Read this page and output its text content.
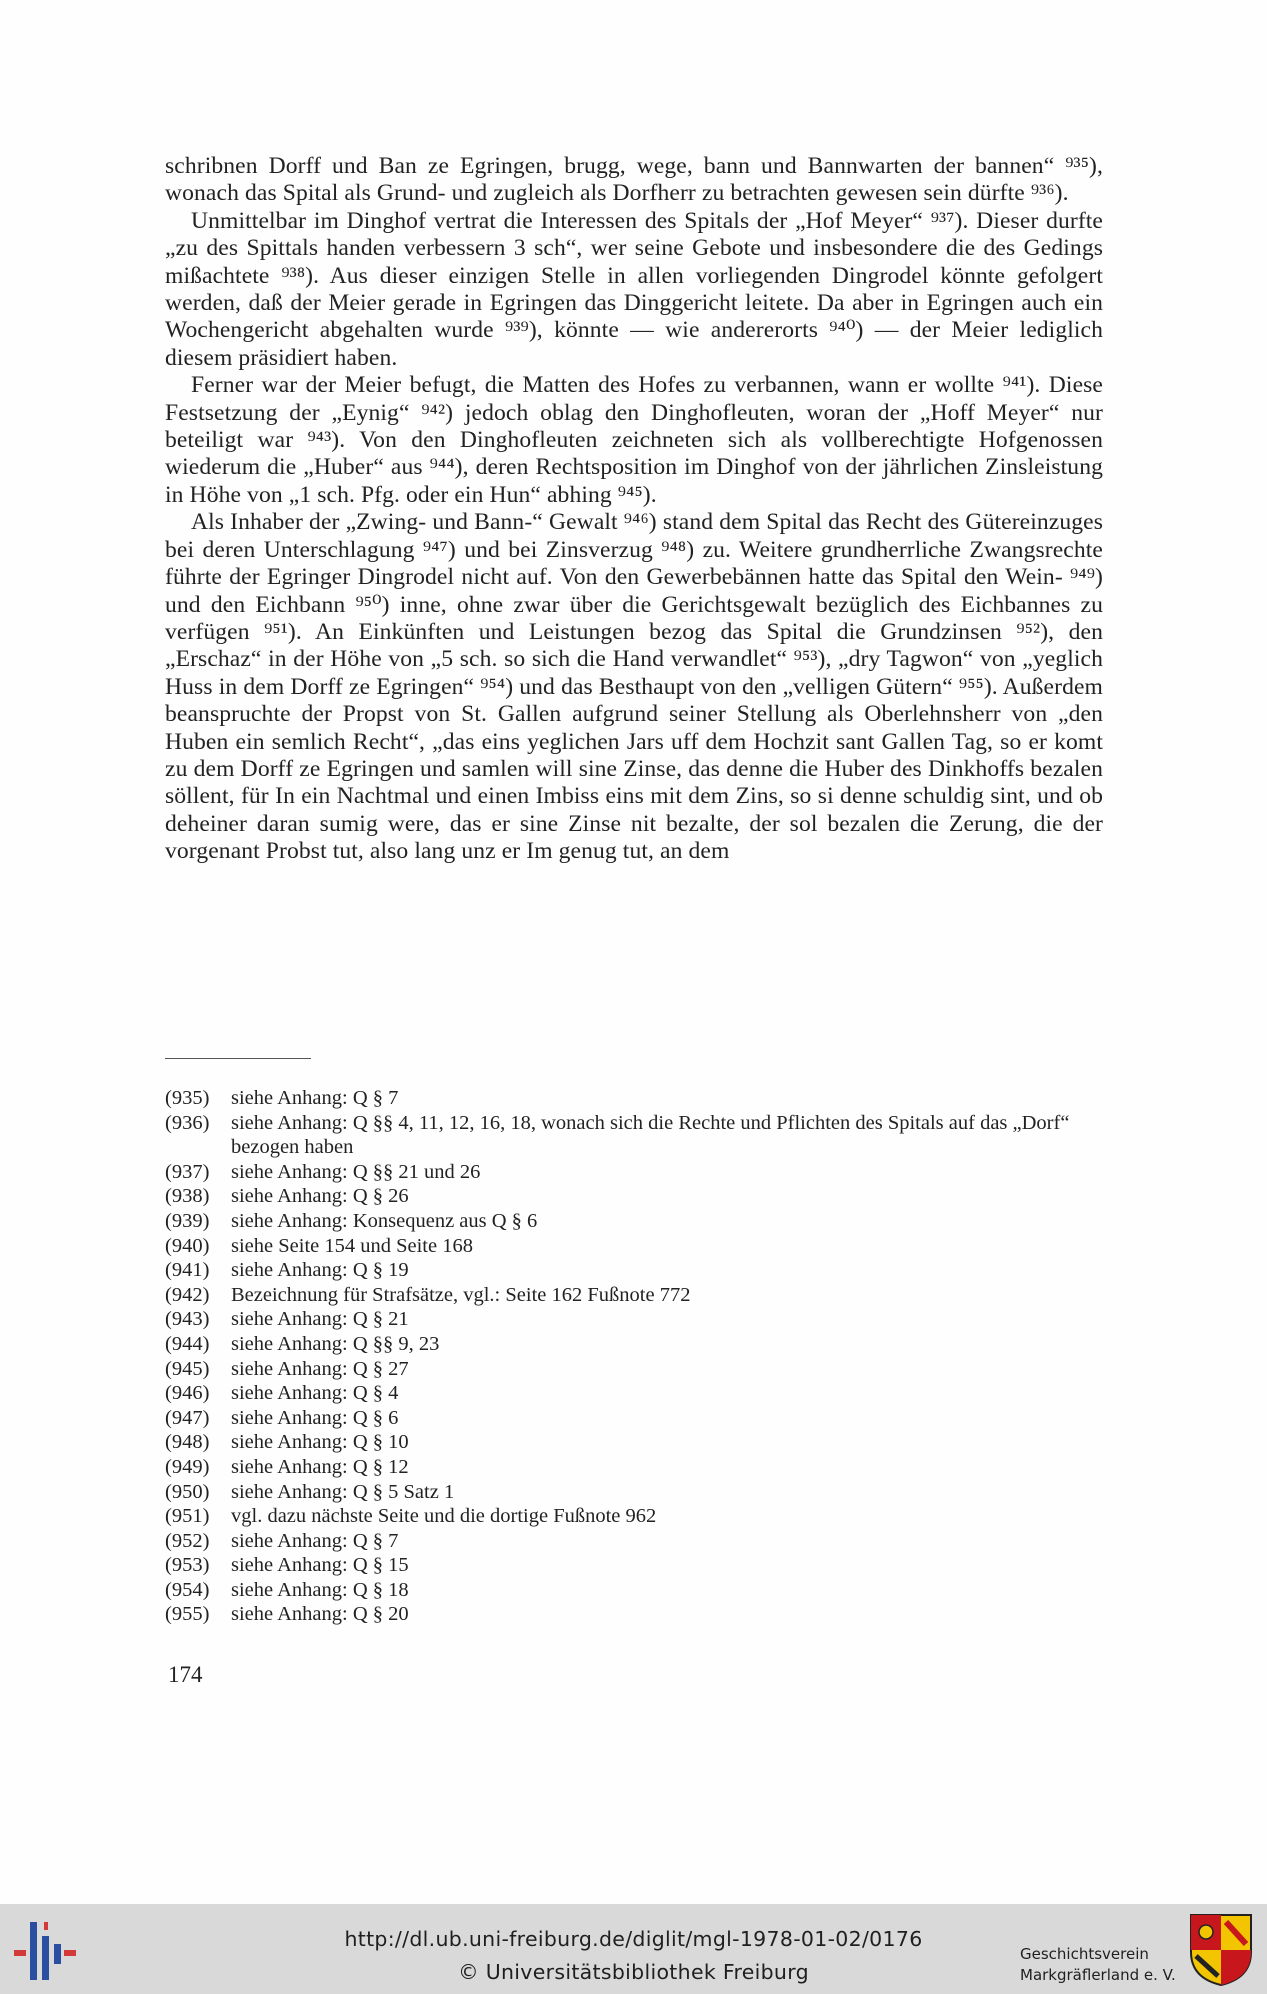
schribnen Dorff und Ban ze Egringen, brugg, wege, bann und Bannwarten der bannen“ ⁹³⁵), wonach das Spital als Grund- und zugleich als Dorfherr zu betrachten gewesen sein dürfte ⁹³⁶).

Unmittelbar im Dinghof vertrat die Interessen des Spitals der „Hof Meyer“ ⁹³⁷). Dieser durfte „zu des Spittals handen verbessern 3 sch“, wer seine Gebote und insbesondere die des Gedings mißachtete ⁹³⁸). Aus dieser einzigen Stelle in allen vorliegenden Dingrodel könnte gefolgert werden, daß der Meier gerade in Egringen das Dinggericht leitete. Da aber in Egringen auch ein Wochengericht abgehalten wurde ⁹³⁹), könnte — wie andererorts ⁹⁴⁰) — der Meier lediglich diesem präsidiert haben.

Ferner war der Meier befugt, die Matten des Hofes zu verbannen, wann er wollte ⁹⁴¹). Diese Festsetzung der „Eynig“ ⁹⁴²) jedoch oblag den Dinghofleuten, woran der „Hoff Meyer“ nur beteiligt war ⁹⁴³). Von den Dinghofleuten zeichneten sich als vollberechtigte Hofgenossen wiederum die „Huber“ aus ⁹⁴⁴), deren Rechtsposition im Dinghof von der jährlichen Zinsleistung in Höhe von „1 sch. Pfg. oder ein Hun“ abhing ⁹⁴⁵).

Als Inhaber der „Zwing- und Bann-“ Gewalt ⁹⁴⁶) stand dem Spital das Recht des Gütereinzuges bei deren Unterschlagung ⁹⁴⁷) und bei Zinsverzug ⁹⁴⁸) zu. Weitere grundherrliche Zwangsrechte führte der Egringer Dingrodel nicht auf. Von den Gewerbebännen hatte das Spital den Wein- ⁹⁴⁹) und den Eichbann ⁹⁵⁰) inne, ohne zwar über die Gerichtsgewalt bezüglich des Eichbannes zu verfügen ⁹⁵¹). An Einkünften und Leistungen bezog das Spital die Grundzinsen ⁹⁵²), den „Erschaz“ in der Höhe von „5 sch. so sich die Hand verwandlet“ ⁹⁵³), „dry Tagwon“ von „yeglich Huss in dem Dorff ze Egringen“ ⁹⁵⁴) und das Besthaupt von den „velligen Gütern“ ⁹⁵⁵). Außerdem beanspruchte der Propst von St. Gallen aufgrund seiner Stellung als Oberlehnsherr von „den Huben ein semlich Recht“, „das eins yeglichen Jars uff dem Hochzit sant Gallen Tag, so er komt zu dem Dorff ze Egringen und samlen will sine Zinse, das denne die Huber des Dinkhoffs bezalen söllent, für In ein Nachtmal und einen Imbiss eins mit dem Zins, so si denne schuldig sint, und ob deheiner daran sumig were, das er sine Zinse nit bezalte, der sol bezalen die Zerung, die der vorgenant Probst tut, also lang unz er Im genug tut, an dem

(935)	siehe Anhang: Q § 7
(936)	siehe Anhang: Q §§ 4, 11, 12, 16, 18, wonach sich die Rechte und Pflichten des Spitals auf das „Dorf“ bezogen haben
(937)	siehe Anhang: Q §§ 21 und 26
(938)	siehe Anhang: Q § 26
(939)	siehe Anhang: Konsequenz aus Q § 6
(940)	siehe Seite 154 und Seite 168
(941)	siehe Anhang: Q § 19
(942)	Bezeichnung für Strafsätze, vgl.: Seite 162 Fußnote 772
(943)	siehe Anhang: Q § 21
(944)	siehe Anhang: Q §§ 9, 23
(945)	siehe Anhang: Q § 27
(946)	siehe Anhang: Q § 4
(947)	siehe Anhang: Q § 6
(948)	siehe Anhang: Q § 10
(949)	siehe Anhang: Q § 12
(950)	siehe Anhang: Q § 5 Satz 1
(951)	vgl. dazu nächste Seite und die dortige Fußnote 962
(952)	siehe Anhang: Q § 7
(953)	siehe Anhang: Q § 15
(954)	siehe Anhang: Q § 18
(955)	siehe Anhang: Q § 20
174
http://dl.ub.uni-freiburg.de/diglit/mgl-1978-01-02/0176
© Universitätsbibliothek Freiburg
Geschichtsverein
Markgräflerland e. V.
